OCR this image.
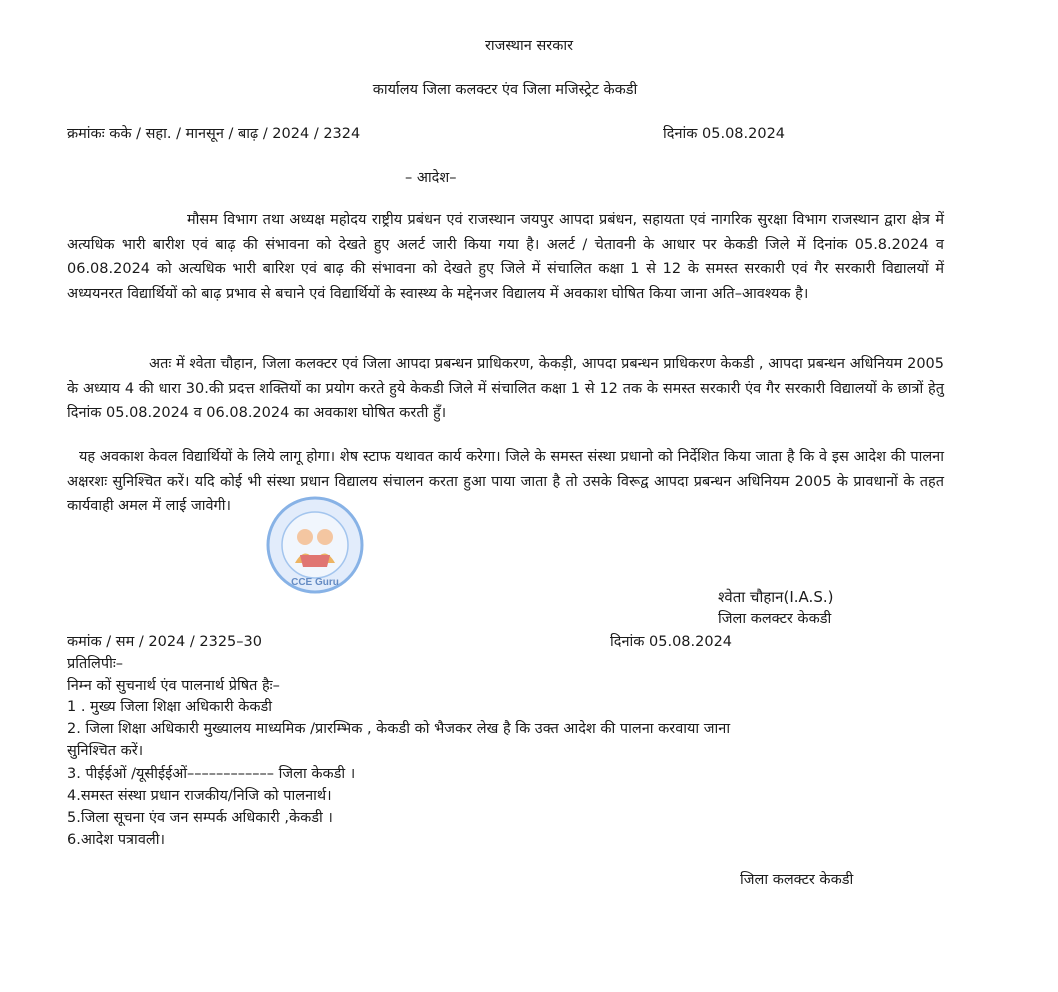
राजस्थान सरकार
कार्यालय जिला कलक्टर एंव जिला मजिस्ट्रेट केकडी
क्रमांकः कके / सहा. / मानसून / बाढ़ / 2024 / 2324	दिनांक 05.08.2024
– आदेश–
मौसम विभाग तथा अध्यक्ष महोदय राष्ट्रीय प्रबंधन एवं राजस्थान जयपुर आपदा प्रबंधन, सहायता एवं नागरिक सुरक्षा विभाग राजस्थान द्वारा क्षेत्र में अत्यधिक भारी बारीश एवं बाढ़ की संभावना को देखते हुए अलर्ट जारी किया गया है। अलर्ट / चेतावनी के आधार पर केकडी जिले में दिनांक 05.8.2024 व 06.08.2024 को अत्यधिक भारी बारिश एवं बाढ़ की संभावना को देखते हुए जिले में संचालित कक्षा 1 से 12 के समस्त सरकारी एवं गैर सरकारी विद्यालयों में अध्ययनरत विद्यार्थियों को बाढ़ प्रभाव से बचाने एवं विद्यार्थियों के स्वास्थ्य के मद्देनजर विद्यालय में अवकाश घोषित किया जाना अति–आवश्यक है।
अतः में श्वेता चौहान, जिला कलक्टर एवं जिला आपदा प्रबन्धन प्राधिकरण, केकड़ी, आपदा प्रबन्धन प्राधिकरण केकडी , आपदा प्रबन्धन अधिनियम 2005 के अध्याय 4 की धारा 30.की प्रदत्त शक्तियों का प्रयोग करते हुये केकडी जिले में संचालित कक्षा 1 से 12 तक के समस्त सरकारी एंव गैर सरकारी विद्यालयों के छात्रों हेतु दिनांक 05.08.2024 व 06.08.2024 का अवकाश घोषित करती हुँ।
यह अवकाश केवल विद्यार्थियों के लिये लागू होगा। शेष स्टाफ यथावत कार्य करेगा। जिले के समस्त संस्था प्रधानो को निर्देशित किया जाता है कि वे इस आदेश की पालना अक्षरशः सुनिश्चित करें। यदि कोई भी संस्था प्रधान विद्यालय संचालन करता हुआ पाया जाता है तो उसके विरूद्व आपदा प्रबन्धन अधिनियम 2005 के प्रावधानों के तहत कार्यवाही अमल में लाई जावेगी।
CCE Guru
श्वेता चौहान(I.A.S.)
जिला कलक्टर केकडी
कमांक / सम / 2024 / 2325–30	दिनांक 05.08.2024
प्रतिलिपीः–
निम्न कों सुचनार्थ एंव पालनार्थ प्रेषित हैः–
1 . मुख्य जिला शिक्षा अधिकारी केकडी
2. जिला शिक्षा अधिकारी मुख्यालय माध्यमिक /प्रारम्भिक , केकडी को भैजकर लेख है कि उक्त आदेश की पालना करवाया जाना
सुनिश्चित करें।
3. पीईईओं /यूसीईईओं–––––––––––– जिला केकडी ।
4.समस्त संस्था प्रधान राजकीय/निजि को पालनार्थ।
5.जिला सूचना एंव जन सम्पर्क अधिकारी ,केकडी ।
6.आदेश पत्रावली।
जिला कलक्टर केकडी
